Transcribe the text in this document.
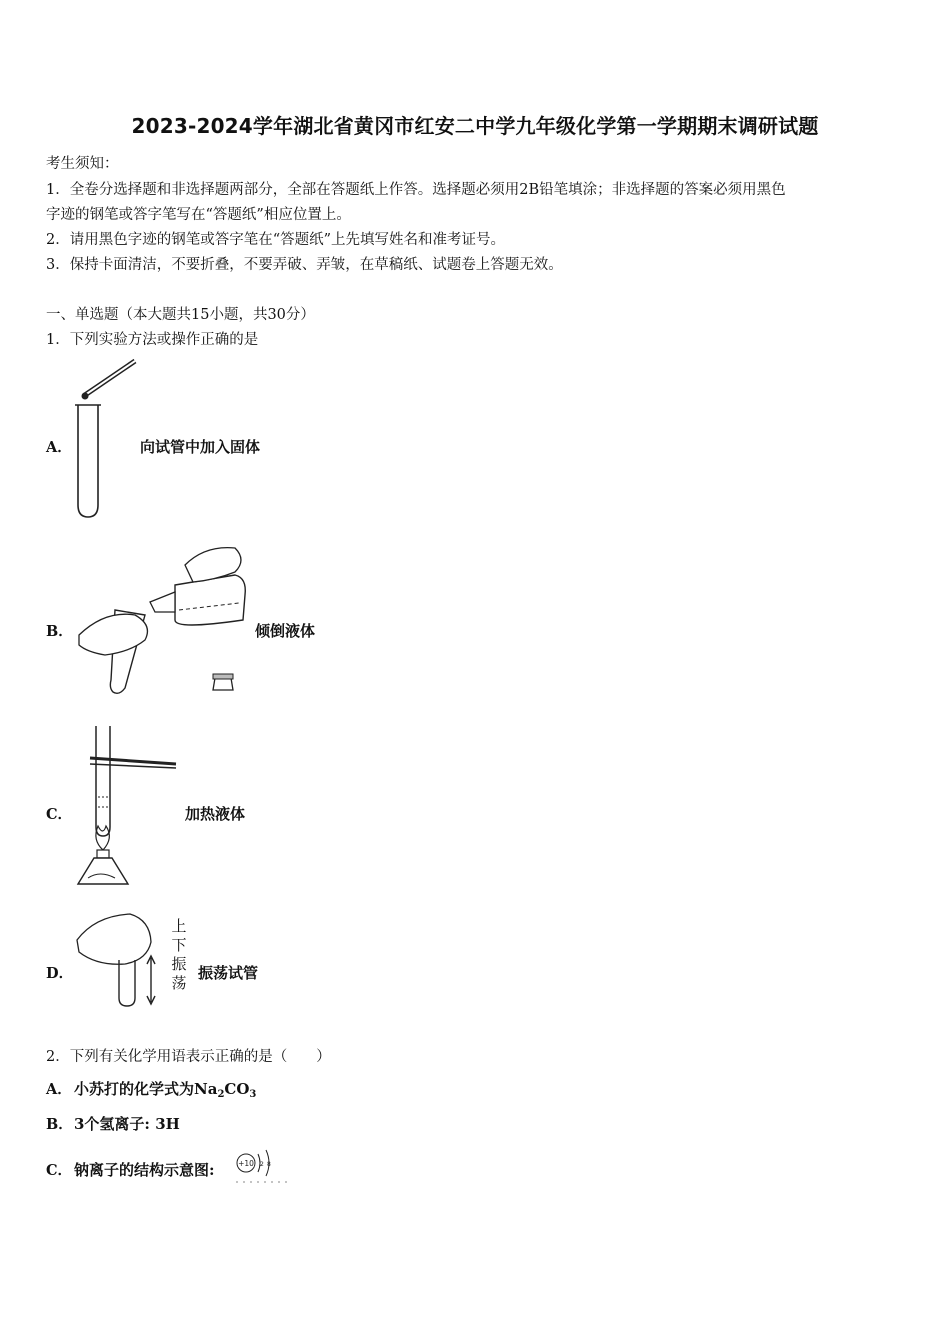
2023-2024学年湖北省黄冈市红安二中学九年级化学第一学期期末调研试题
考生须知：
1．全卷分选择题和非选择题两部分，全部在答题纸上作答。选择题必须用2B铅笔填涂；非选择题的答案必须用黑色
字迹的钢笔或答字笔写在“答题纸”相应位置上。
2．请用黑色字迹的钢笔或答字笔在“答题纸”上先填写姓名和准考证号。
3．保持卡面清洁，不要折叠，不要弄破、弄皱，在草稿纸、试题卷上答题无效。
一、单选题（本大题共15小题，共30分）
1．下列实验方法或操作正确的是
A．	向试管中加入固体
B．	倾倒液体
C．	加热液体
D．
上
下
振
荡
振荡试管
2．下列有关化学用语表示正确的是（　　）
A． 小苏打的化学式为$Na_2CO_3$
B． 3个氢离子: 3H
C． 钠离子的结构示意图:	+10 2 8
